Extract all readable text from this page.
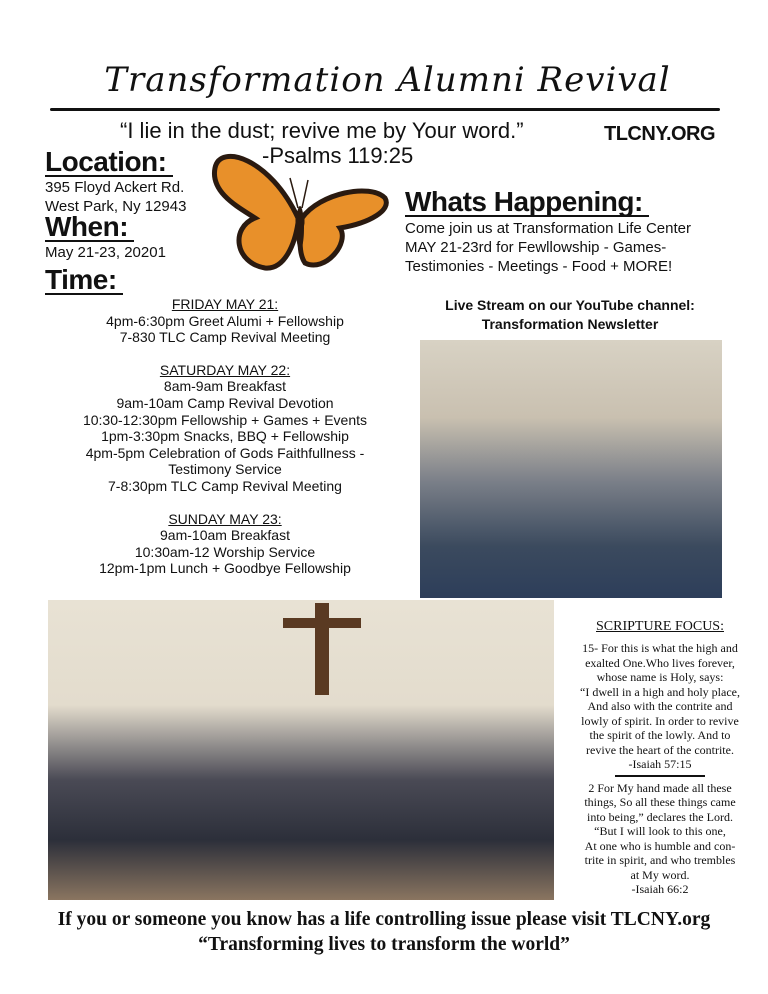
Transformation Alumni Revival
“I lie in the dust; revive me by Your word.”	TLCNY.ORG
-Psalms 119:25
Location:
395 Floyd Ackert Rd.
West Park, Ny 12943
When:
May 21-23, 20201
Time:
FRIDAY MAY 21:
4pm-6:30pm Greet Alumi + Fellowship
7-830 TLC Camp Revival Meeting
SATURDAY MAY 22:
8am-9am Breakfast
9am-10am Camp Revival Devotion
10:30-12:30pm Fellowship + Games + Events
1pm-3:30pm Snacks, BBQ + Fellowship
4pm-5pm Celebration of Gods Faithfullness -
Testimony Service
7-8:30pm TLC Camp Revival Meeting
SUNDAY MAY 23:
9am-10am Breakfast
10:30am-12 Worship Service
12pm-1pm Lunch + Goodbye Fellowship
Whats Happening:
Come join us at Transformation Life Center
MAY 21-23rd for Fewllowship - Games-
Testimonies - Meetings - Food + MORE!
Live Stream on our YouTube channel:
Transformation Newsletter
SCRIPTURE FOCUS:
15- For this is what the high and
exalted One.Who lives forever,
whose name is Holy, says:
“I dwell in a high and holy place,
And also with the contrite and
lowly of spirit. In order to revive
the spirit of the lowly. And to
revive the heart of the contrite.
-Isaiah 57:15
2 For My hand made all these
things, So all these things came
into being,” declares the Lord.
“But I will look to this one,
At one who is humble and con-
trite in spirit, and who trembles
at My word.
-Isaiah 66:2
If you or someone you know has a life controlling issue please visit TLCNY.org
“Transforming lives to transform the world”
